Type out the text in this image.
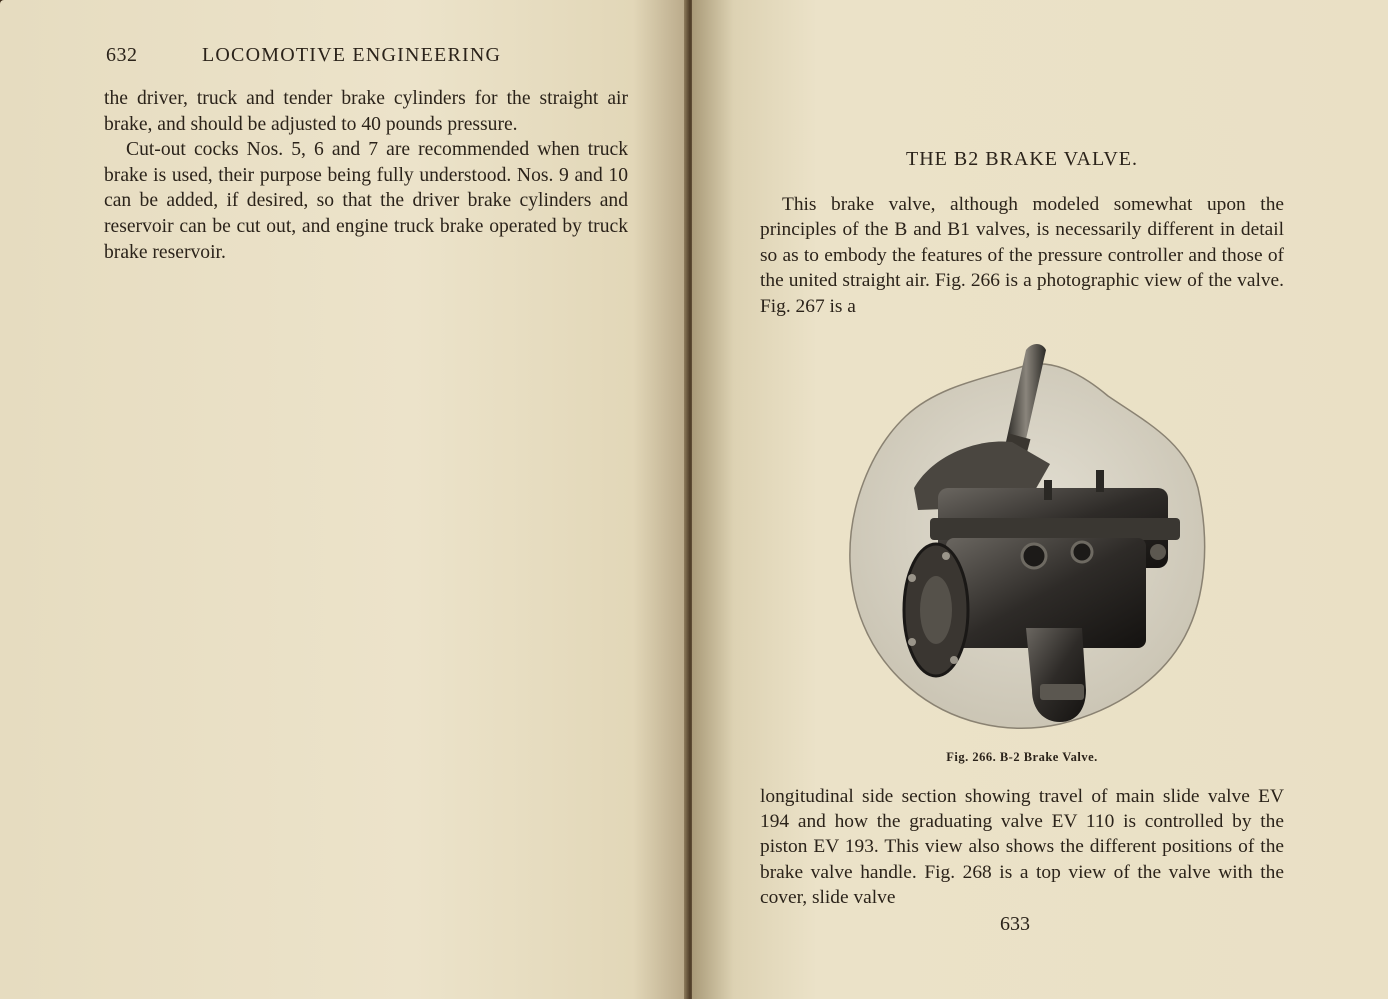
632	LOCOMOTIVE ENGINEERING

the driver, truck and tender brake cylinders for the straight air brake, and should be adjusted to 40 pounds pressure.

Cut-out cocks Nos. 5, 6 and 7 are recommended when truck brake is used, their purpose being fully understood. Nos. 9 and 10 can be added, if desired, so that the driver brake cylinders and reservoir can be cut out, and engine truck brake operated by truck brake reservoir.

THE B2 BRAKE VALVE.

This brake valve, although modeled somewhat upon the principles of the B and B1 valves, is necessarily different in detail so as to embody the features of the pressure controller and those of the united straight air. Fig. 266 is a photographic view of the valve. Fig. 267 is a

Fig. 266. B-2 Brake Valve.

longitudinal side section showing travel of main slide valve EV 194 and how the graduating valve EV 110 is controlled by the piston EV 193. This view also shows the different positions of the brake valve handle. Fig. 268 is a top view of the valve with the cover, slide valve

633
